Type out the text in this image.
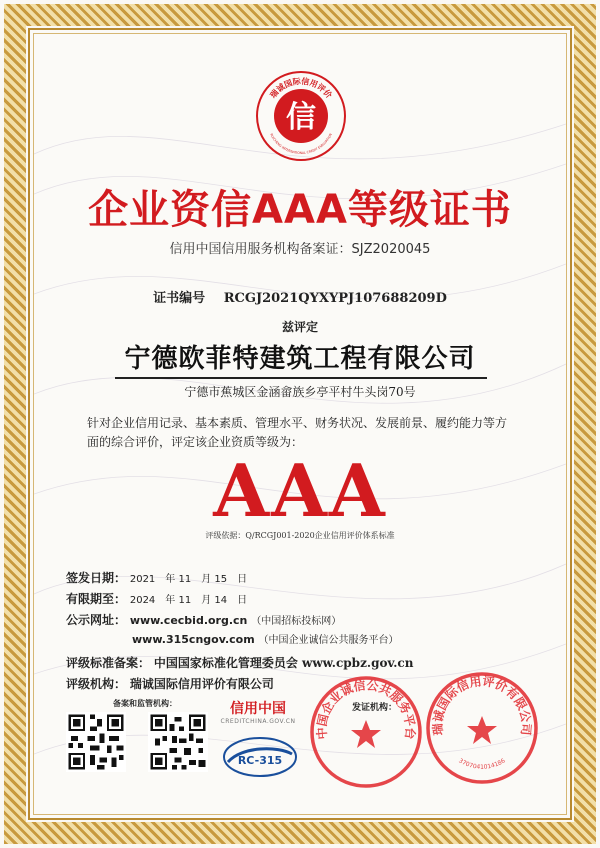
瑞诚国际信用评价
RUICHENG INTERNATIONAL CREDIT EVALUATION
信
企业资信AAA等级证书
信用中国信用服务机构备案证：SJZ2020045
证书编号 RCGJ2021QYXYPJ107688209D
兹评定
宁德欧菲特建筑工程有限公司
宁德市蕉城区金涵畲族乡亭平村牛头岗70号
针对企业信用记录、基本素质、管理水平、财务状况、发展前景、履约能力等方面的综合评价，评定该企业资质等级为：
AAA
评级依据：Q/RCGJ001-2020企业信用评价体系标准
签发日期： 2021　年 11　月 15　日
有限期至： 2024　年 11　月 14　日
公示网址： www.cecbid.org.cn （中国招标投标网）
www.315cngov.com （中国企业诚信公共服务平台）
评级标准备案： 中国国家标准化管理委员会 www.cpbz.gov.cn
评级机构： 瑞诚国际信用评价有限公司
备案和监管机构：	信用中国
CREDITCHINA.GOV.CN
RC-315
发证机构：
中国企业诚信公共服务平台 瑞诚国际信用评价有限公司
3707041014186
